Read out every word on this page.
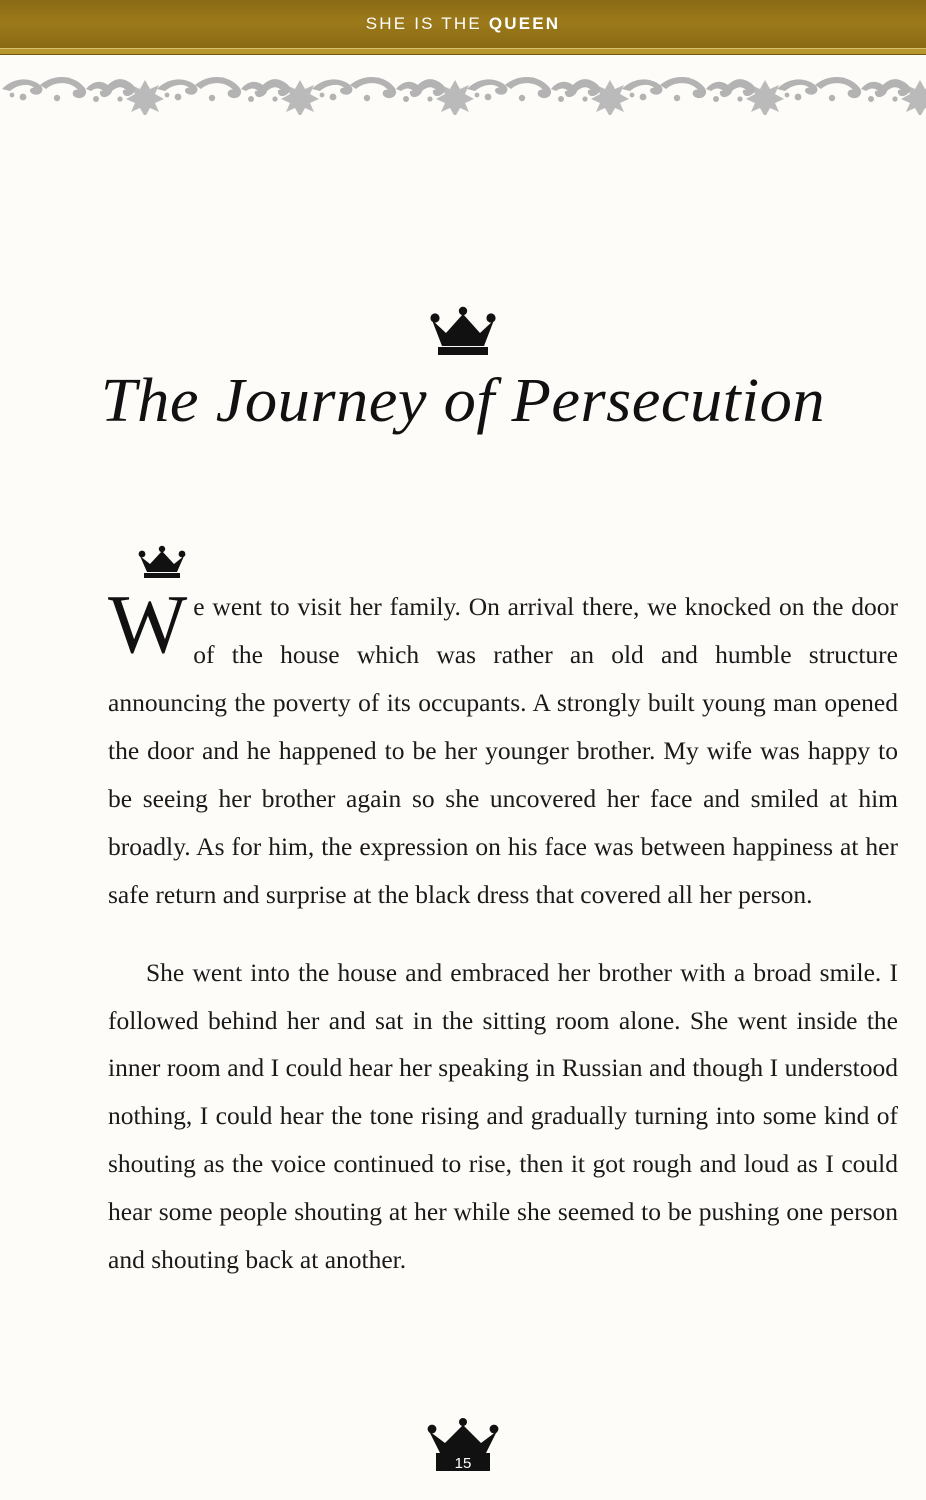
SHE IS THE QUEEN
The Journey of Persecution

We went to visit her family. On arrival there, we knocked on the door of the house which was rather an old and humble structure announcing the poverty of its occupants. A strongly built young man opened the door and he happened to be her younger brother. My wife was happy to be seeing her brother again so she uncovered her face and smiled at him broadly. As for him, the expression on his face was between happiness at her safe return and surprise at the black dress that covered all her person.

She went into the house and embraced her brother with a broad smile. I followed behind her and sat in the sitting room alone. She went inside the inner room and I could hear her speaking in Russian and though I understood nothing, I could hear the tone rising and gradually turning into some kind of shouting as the voice continued to rise, then it got rough and loud as I could hear some people shouting at her while she seemed to be pushing one person and shouting back at another.

15
